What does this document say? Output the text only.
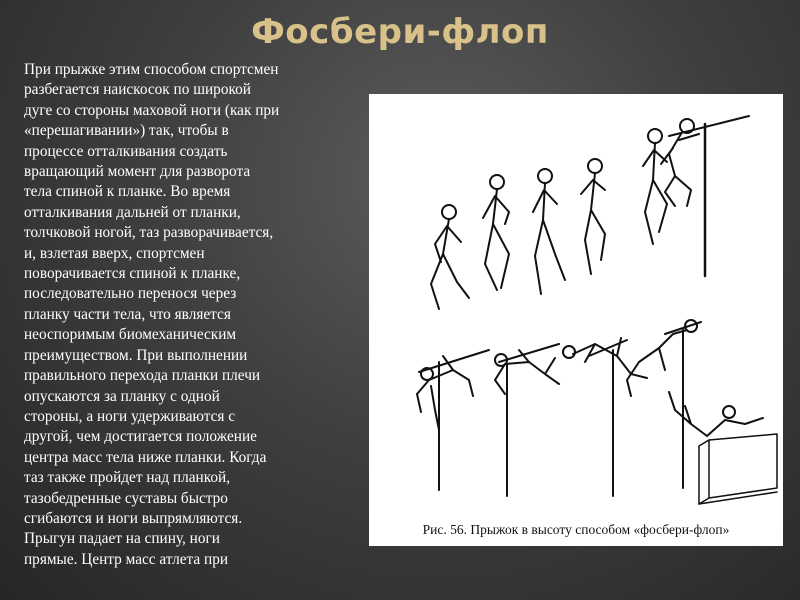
Фосбери-флоп
При прыжке этим способом спортсмен
разбегается наискосок по широкой
дуге со стороны маховой ноги (как при
«перешагивании») так, чтобы в
процессе отталкивания создать
вращающий момент для разворота
тела спиной к планке. Во время
отталкивания дальней от планки,
толчковой ногой, таз разворачивается,
и, взлетая вверх, спортсмен
поворачивается спиной к планке,
последовательно перенося через
планку части тела, что является
неоспоримым биомеханическим
преимуществом. При выполнении
правильного перехода планки плечи
опускаются за планку с одной
стороны, а ноги удерживаются с
другой, чем достигается положение
центра масс тела ниже планки. Когда
таз также пройдет над планкой,
тазобедренные суставы быстро
сгибаются и ноги выпрямляются.
Прыгун падает на спину, ноги
прямые. Центр масс атлета при
Рис. 56. Прыжок в высоту способом «фосбери-флоп»
